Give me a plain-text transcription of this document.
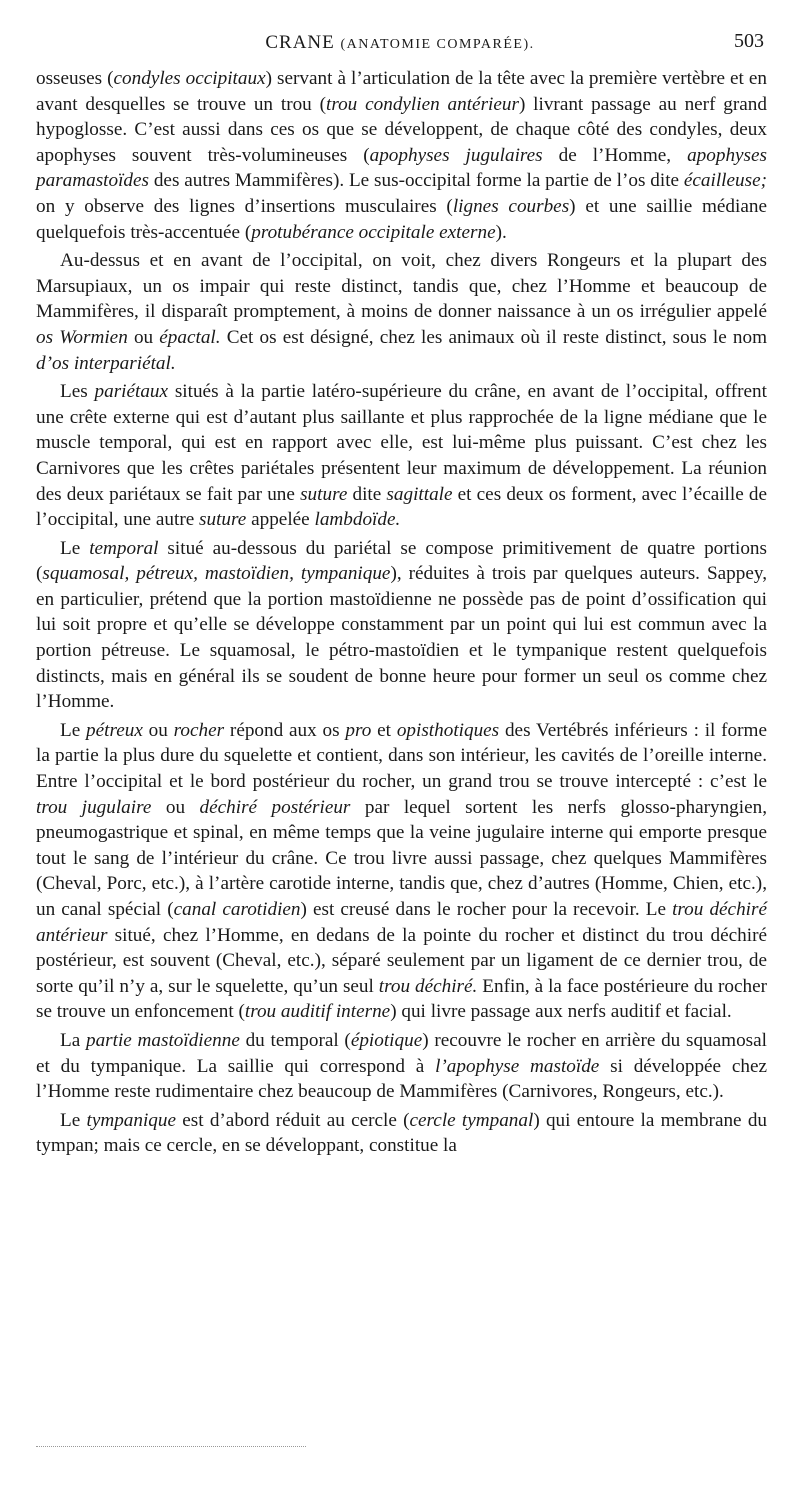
CRANE (ANATOMIE COMPARÉE).	503

osseuses (condyles occipitaux) servant à l’articulation de la tête avec la première vertèbre et en avant desquelles se trouve un trou (trou condylien antérieur) livrant passage au nerf grand hypoglosse. C’est aussi dans ces os que se développent, de chaque côté des condyles, deux apophyses souvent très-volumineuses (apophyses jugulaires de l’Homme, apophyses paramastoïdes des autres Mammifères). Le sus-occipital forme la partie de l’os dite écailleuse; on y observe des lignes d’insertions musculaires (lignes courbes) et une saillie médiane quelquefois très-accentuée (protubérance occipitale externe).

Au-dessus et en avant de l’occipital, on voit, chez divers Rongeurs et la plupart des Marsupiaux, un os impair qui reste distinct, tandis que, chez l’Homme et beaucoup de Mammifères, il disparaît promptement, à moins de donner naissance à un os irrégulier appelé os Wormien ou épactal. Cet os est désigné, chez les animaux où il reste distinct, sous le nom d’os interpariétal.

Les pariétaux situés à la partie latéro-supérieure du crâne, en avant de l’occipital, offrent une crête externe qui est d’autant plus saillante et plus rapprochée de la ligne médiane que le muscle temporal, qui est en rapport avec elle, est lui-même plus puissant. C’est chez les Carnivores que les crêtes pariétales présentent leur maximum de développement. La réunion des deux pariétaux se fait par une suture dite sagittale et ces deux os forment, avec l’écaille de l’occipital, une autre suture appelée lambdoïde.

Le temporal situé au-dessous du pariétal se compose primitivement de quatre portions (squamosal, pétreux, mastoïdien, tympanique), réduites à trois par quelques auteurs. Sappey, en particulier, prétend que la portion mastoïdienne ne possède pas de point d’ossification qui lui soit propre et qu’elle se développe constamment par un point qui lui est commun avec la portion pétreuse. Le squamosal, le pétro-mastoïdien et le tympanique restent quelquefois distincts, mais en général ils se soudent de bonne heure pour former un seul os comme chez l’Homme.

Le pétreux ou rocher répond aux os pro et opisthotiques des Vertébrés inférieurs : il forme la partie la plus dure du squelette et contient, dans son intérieur, les cavités de l’oreille interne. Entre l’occipital et le bord postérieur du rocher, un grand trou se trouve intercepté : c’est le trou jugulaire ou déchiré postérieur par lequel sortent les nerfs glosso-pharyngien, pneumogastrique et spinal, en même temps que la veine jugulaire interne qui emporte presque tout le sang de l’intérieur du crâne. Ce trou livre aussi passage, chez quelques Mammifères (Cheval, Porc, etc.), à l’artère carotide interne, tandis que, chez d’autres (Homme, Chien, etc.), un canal spécial (canal carotidien) est creusé dans le rocher pour la recevoir. Le trou déchiré antérieur situé, chez l’Homme, en dedans de la pointe du rocher et distinct du trou déchiré postérieur, est souvent (Cheval, etc.), séparé seulement par un ligament de ce dernier trou, de sorte qu’il n’y a, sur le squelette, qu’un seul trou déchiré. Enfin, à la face postérieure du rocher se trouve un enfoncement (trou auditif interne) qui livre passage aux nerfs auditif et facial.

La partie mastoïdienne du temporal (épiotique) recouvre le rocher en arrière du squamosal et du tympanique. La saillie qui correspond à l’apophyse mastoïde si développée chez l’Homme reste rudimentaire chez beaucoup de Mammifères (Carnivores, Rongeurs, etc.).

Le tympanique est d’abord réduit au cercle (cercle tympanal) qui entoure la membrane du tympan; mais ce cercle, en se développant, constitue la
